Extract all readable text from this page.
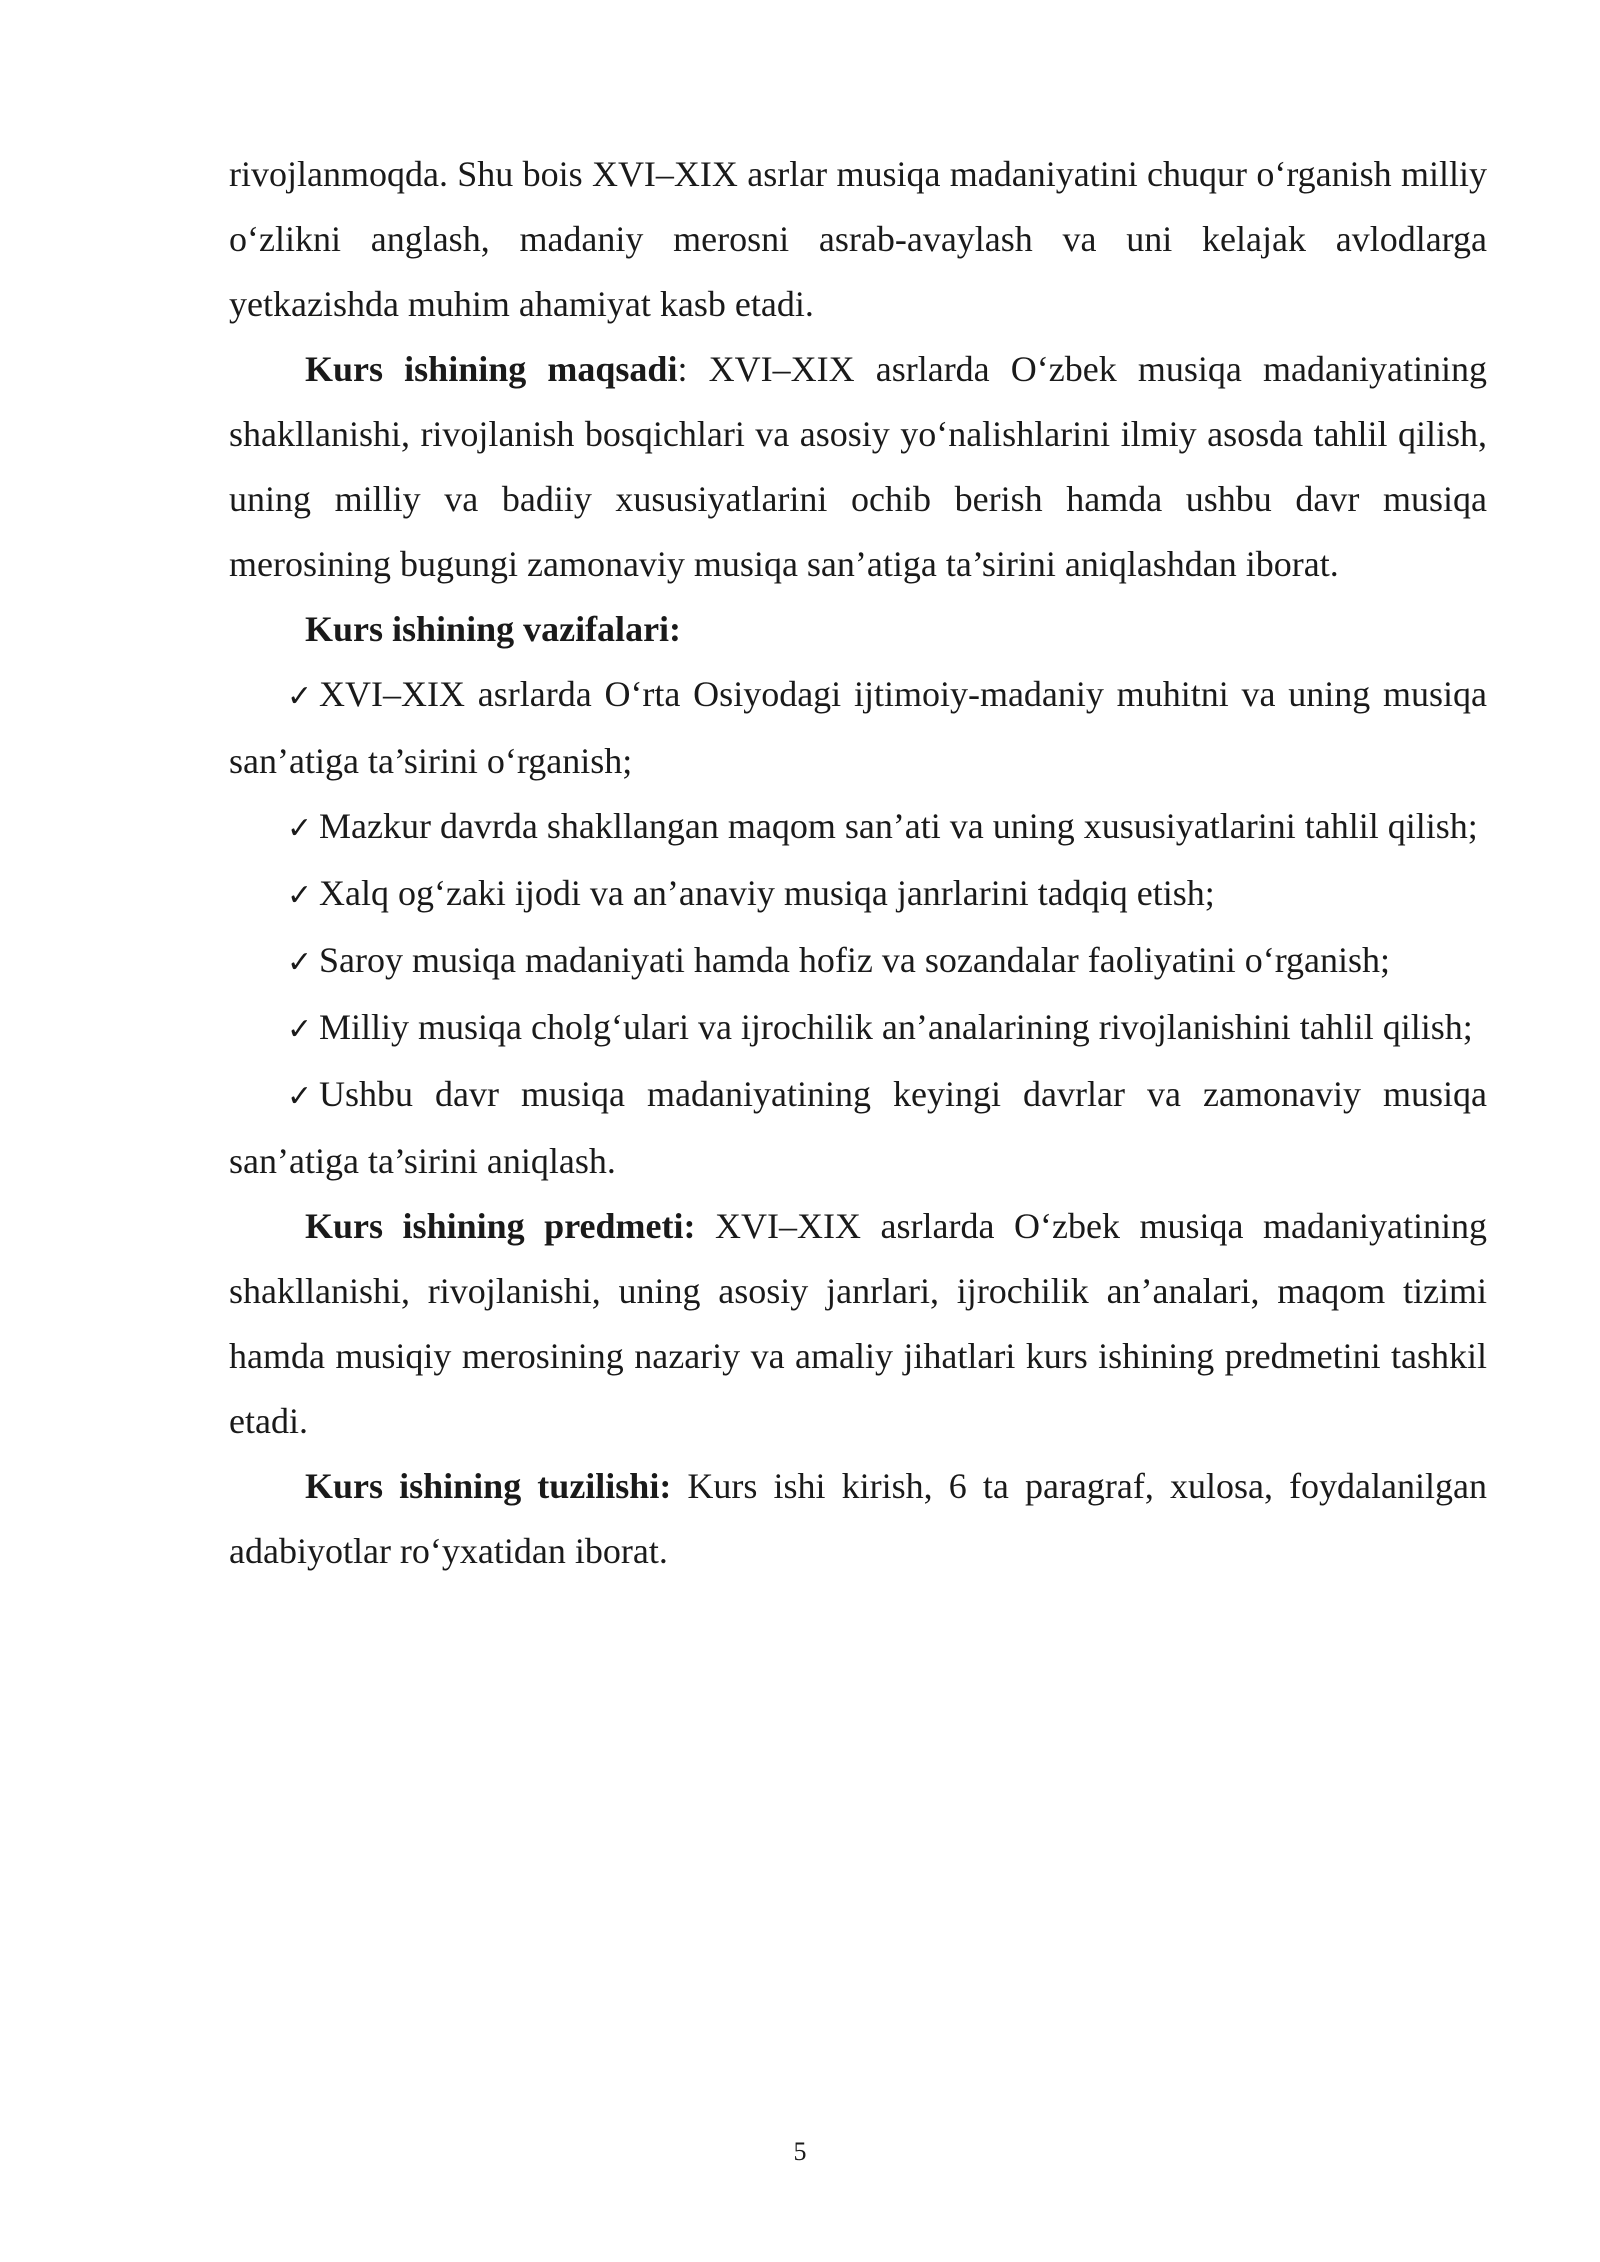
rivojlanmoqda. Shu bois XVI–XIX asrlar musiqa madaniyatini chuqur o‘rganish milliy o‘zlikni anglash, madaniy merosni asrab-avaylash va uni kelajak avlodlarga yetkazishda muhim ahamiyat kasb etadi.

Kurs ishining maqsadi: XVI–XIX asrlarda O‘zbek musiqa madaniyatining shakllanishi, rivojlanish bosqichlari va asosiy yo‘nalishlarini ilmiy asosda tahlil qilish, uning milliy va badiiy xususiyatlarini ochib berish hamda ushbu davr musiqa merosining bugungi zamonaviy musiqa san’atiga ta’sirini aniqlashdan iborat.

Kurs ishining vazifalari:

✓ XVI–XIX asrlarda O‘rta Osiyodagi ijtimoiy-madaniy muhitni va uning musiqa san’atiga ta’sirini o‘rganish;

✓ Mazkur davrda shakllangan maqom san’ati va uning xususiyatlarini tahlil qilish;

✓ Xalq og‘zaki ijodi va an’anaviy musiqa janrlarini tadqiq etish;

✓ Saroy musiqa madaniyati hamda hofiz va sozandalar faoliyatini o‘rganish;

✓ Milliy musiqa cholg‘ulari va ijrochilik an’analarining rivojlanishini tahlil qilish;

✓ Ushbu davr musiqa madaniyatining keyingi davrlar va zamonaviy musiqa san’atiga ta’sirini aniqlash.

Kurs ishining predmeti: XVI–XIX asrlarda O‘zbek musiqa madaniyatining shakllanishi, rivojlanishi, uning asosiy janrlari, ijrochilik an’analari, maqom tizimi hamda musiqiy merosining nazariy va amaliy jihatlari kurs ishining predmetini tashkil etadi.

Kurs ishining tuzilishi: Kurs ishi kirish, 6 ta paragraf, xulosa, foydalanilgan adabiyotlar ro‘yxatidan iborat.

5
